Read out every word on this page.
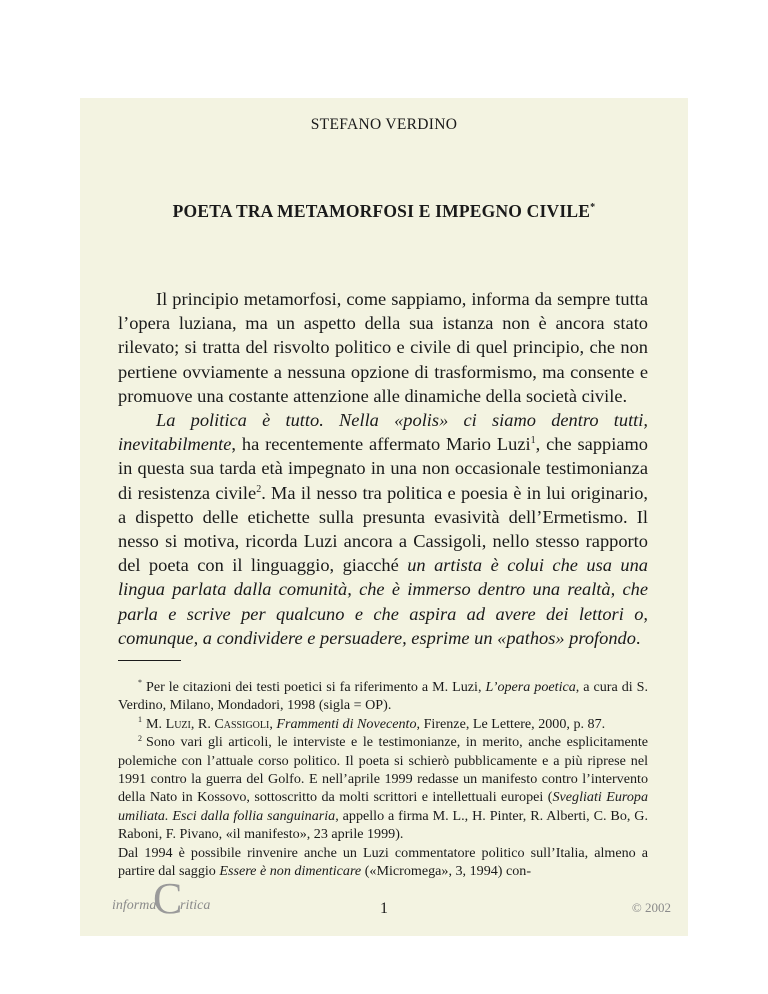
STEFANO VERDINO
POETA TRA METAMORFOSI E IMPEGNO CIVILE*

Il principio metamorfosi, come sappiamo, informa da sempre tutta l’opera luziana, ma un aspetto della sua istanza non è ancora stato rilevato; si tratta del risvolto politico e civile di quel principio, che non pertiene ovviamente a nessuna opzione di trasformismo, ma consente e promuove una costante attenzione alle dinamiche della società civile.

La politica è tutto. Nella «polis» ci siamo dentro tutti, inevitabilmente, ha recentemente affermato Mario Luzi$^1$, che sappiamo in questa sua tarda età impegnato in una non occasionale testimonianza di resistenza civile$^2$. Ma il nesso tra politica e poesia è in lui originario, a dispetto delle etichette sulla presunta evasività dell’Ermetismo. Il nesso si motiva, ricorda Luzi ancora a Cassigoli, nello stesso rapporto del poeta con il linguaggio, giacché un artista è colui che usa una lingua parlata dalla comunità, che è immerso dentro una realtà, che parla e scrive per qualcuno e che aspira ad avere dei lettori o, comunque, a condividere e persuadere, esprime un «pathos» profondo.

* Per le citazioni dei testi poetici si fa riferimento a M. Luzi, L’opera poetica, a cura di S. Verdino, Milano, Mondadori, 1998 (sigla = OP).

$^1$ M. Luzi, R. Cassigoli, Frammenti di Novecento, Firenze, Le Lettere, 2000, p. 87.

$^2$ Sono vari gli articoli, le interviste e le testimonianze, in merito, anche esplicitamente polemiche con l’attuale corso politico. Il poeta si schierò pubblicamente e a più riprese nel 1991 contro la guerra del Golfo. E nell’aprile 1999 redasse un manifesto contro l’intervento della Nato in Kossovo, sottoscritto da molti scrittori e intellettuali europei (Svegliati Europa umiliata. Esci dalla follia sanguinaria, appello a firma M. L., H. Pinter, R. Alberti, C. Bo, G. Raboni, F. Pivano, «il manifesto», 23 aprile 1999).

Dal 1994 è possibile rinvenire anche un Luzi commentatore politico sull’Italia, almeno a partire dal saggio Essere è non dimenticare («Micromega», 3, 1994) con-

informa
C
ritica	1	© 2002
